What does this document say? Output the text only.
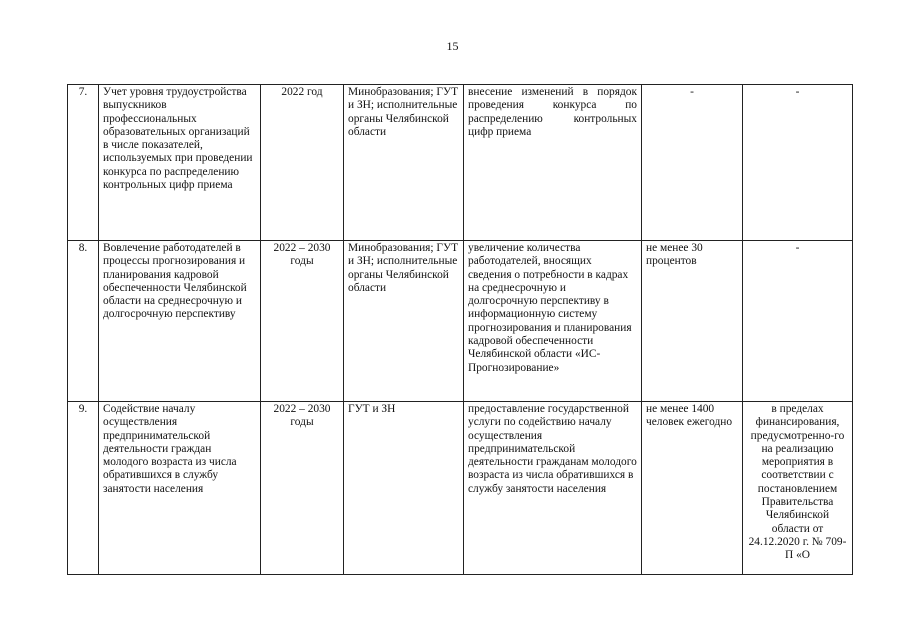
15
7.	Учет уровня трудоустройства выпускников профессиональных образовательных организаций в числе показателей, используемых при проведении конкурса по распределению контрольных цифр приема	2022 год	Минобразования; ГУТ и ЗН; исполнительные органы Челябинской области	внесение изменений в порядок проведения конкурса по распределению контрольных цифр приема	-	-
8.	Вовлечение работодателей в процессы прогнозирования и планирования кадровой обеспеченности Челябинской области на среднесрочную и долгосрочную перспективу	2022 – 2030 годы	Минобразования; ГУТ и ЗН; исполнительные органы Челябинской области	увеличение количества работодателей, вносящих сведения о потребности в кадрах на среднесрочную и долгосрочную перспективу в информационную систему прогнозирования и планирования кадровой обеспеченности Челябинской области «ИС-Прогнозирование»	не менее 30 процентов	-
9.	Содействие началу осуществления предпринимательской деятельности граждан молодого возраста из числа обратившихся в службу занятости населения	2022 – 2030 годы	ГУТ и ЗН	предоставление государственной услуги по содействию началу осуществления предпринимательской деятельности гражданам молодого возраста из числа обратившихся в службу занятости населения	не менее 1400 человек ежегодно	в пределах финансирования, предусмотренно-го на реализацию мероприятия в соответствии с постановлением Правительства Челябинской области от 24.12.2020 г. № 709-П «О
